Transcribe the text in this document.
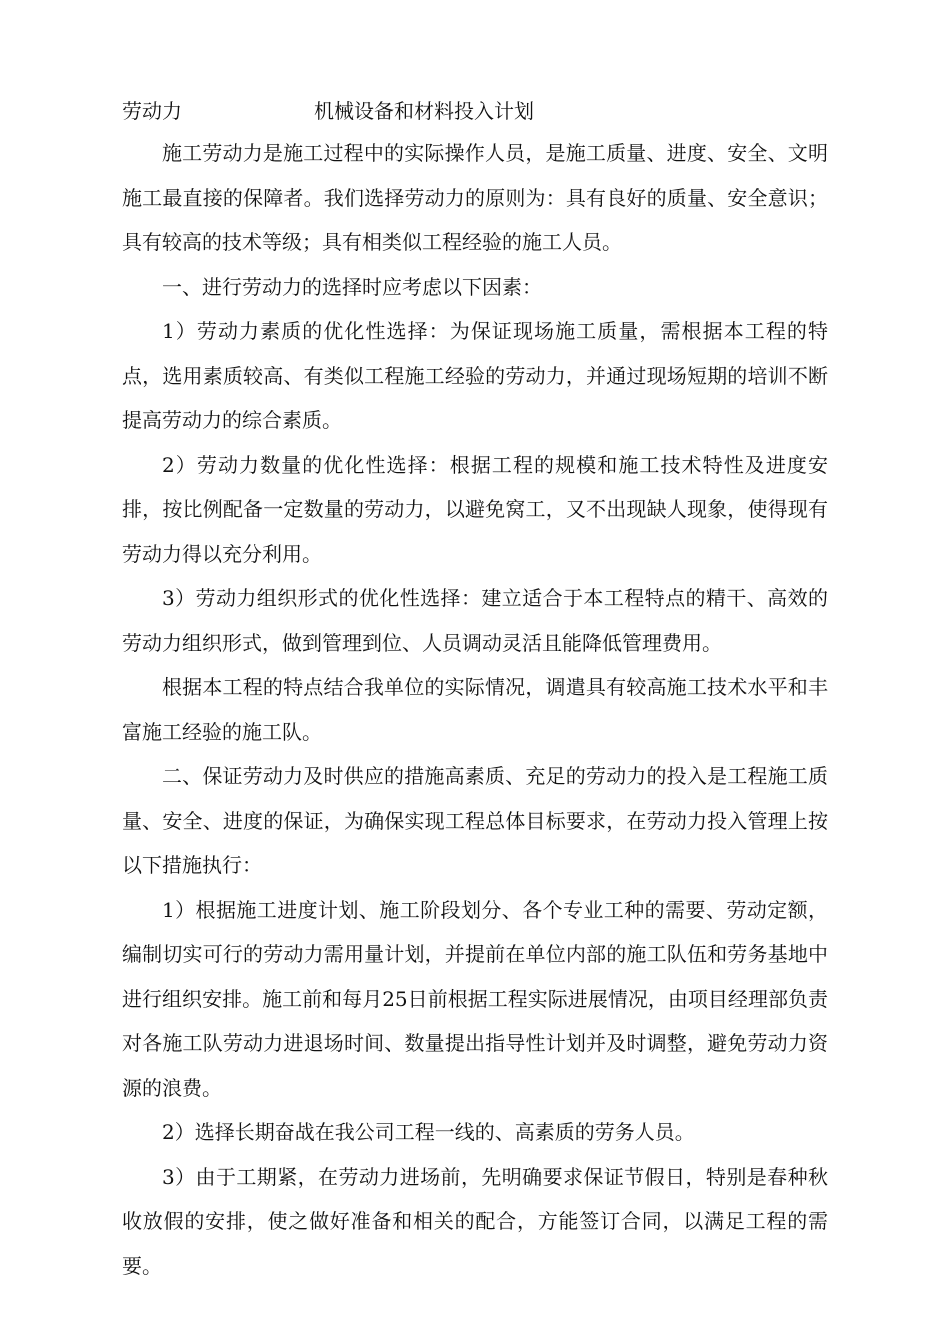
劳动力	机械设备和材料投入计划

施工劳动力是施工过程中的实际操作人员，是施工质量、进度、安全、文明施工最直接的保障者。我们选择劳动力的原则为：具有良好的质量、安全意识；具有较高的技术等级；具有相类似工程经验的施工人员。

一、进行劳动力的选择时应考虑以下因素：

1）劳动力素质的优化性选择：为保证现场施工质量，需根据本工程的特点，选用素质较高、有类似工程施工经验的劳动力，并通过现场短期的培训不断提高劳动力的综合素质。

2）劳动力数量的优化性选择：根据工程的规模和施工技术特性及进度安排，按比例配备一定数量的劳动力，以避免窝工，又不出现缺人现象，使得现有劳动力得以充分利用。

3）劳动力组织形式的优化性选择：建立适合于本工程特点的精干、高效的劳动力组织形式，做到管理到位、人员调动灵活且能降低管理费用。

根据本工程的特点结合我单位的实际情况，调遣具有较高施工技术水平和丰富施工经验的施工队。

二、保证劳动力及时供应的措施高素质、充足的劳动力的投入是工程施工质量、安全、进度的保证，为确保实现工程总体目标要求，在劳动力投入管理上按以下措施执行：

1）根据施工进度计划、施工阶段划分、各个专业工种的需要、劳动定额，编制切实可行的劳动力需用量计划，并提前在单位内部的施工队伍和劳务基地中进行组织安排。施工前和每月25日前根据工程实际进展情况，由项目经理部负责对各施工队劳动力进退场时间、数量提出指导性计划并及时调整，避免劳动力资源的浪费。

2）选择长期奋战在我公司工程一线的、高素质的劳务人员。

3）由于工期紧，在劳动力进场前，先明确要求保证节假日，特别是春种秋收放假的安排，使之做好准备和相关的配合，方能签订合同，以满足工程的需要。
